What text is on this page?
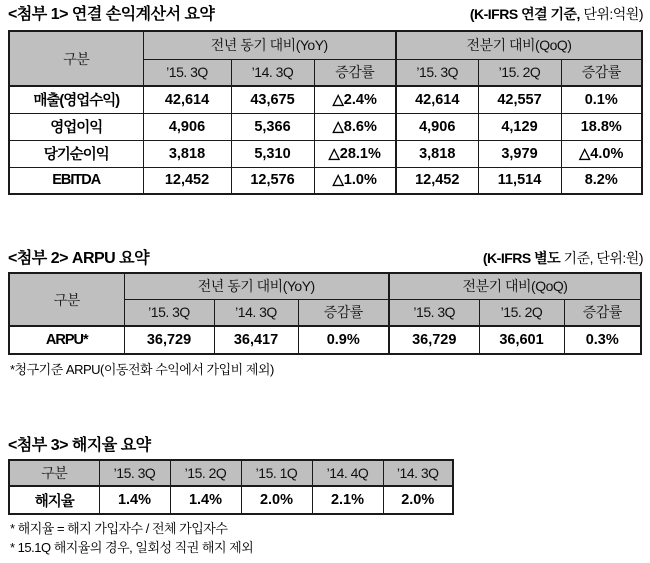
<첨부 1> 연결 손익계산서 요약	(K-IFRS 연결 기준, 단위:억원)
구분	전년 동기 대비(YoY)			전분기 대비(QoQ)		
	’15. 3Q	’14. 3Q	증감률	’15. 3Q	’15. 2Q	증감률
매출(영업수익)	42,614	43,675	△2.4%	42,614	42,557	0.1%
영업이익	4,906	5,366	△8.6%	4,906	4,129	18.8%
당기순이익	3,818	5,310	△28.1%	3,818	3,979	△4.0%
EBITDA	12,452	12,576	△1.0%	12,452	11,514	8.2%
<첨부 2> ARPU 요약	(K-IFRS 별도 기준, 단위:원)
구분	전년 동기 대비(YoY)			전분기 대비(QoQ)		
	’15. 3Q	’14. 3Q	증감률	’15. 3Q	’15. 2Q	증감률
ARPU*	36,729	36,417	0.9%	36,729	36,601	0.3%
*청구기준 ARPU(이동전화 수익에서 가입비 제외)
<첨부 3> 해지율 요약
구분	’15. 3Q	’15. 2Q	’15. 1Q	’14. 4Q	’14. 3Q
해지율	1.4%	1.4%	2.0%	2.1%	2.0%
* 해지율 = 해지 가입자수 / 전체 가입자수
* 15.1Q 해지율의 경우, 일회성 직권 해지 제외
